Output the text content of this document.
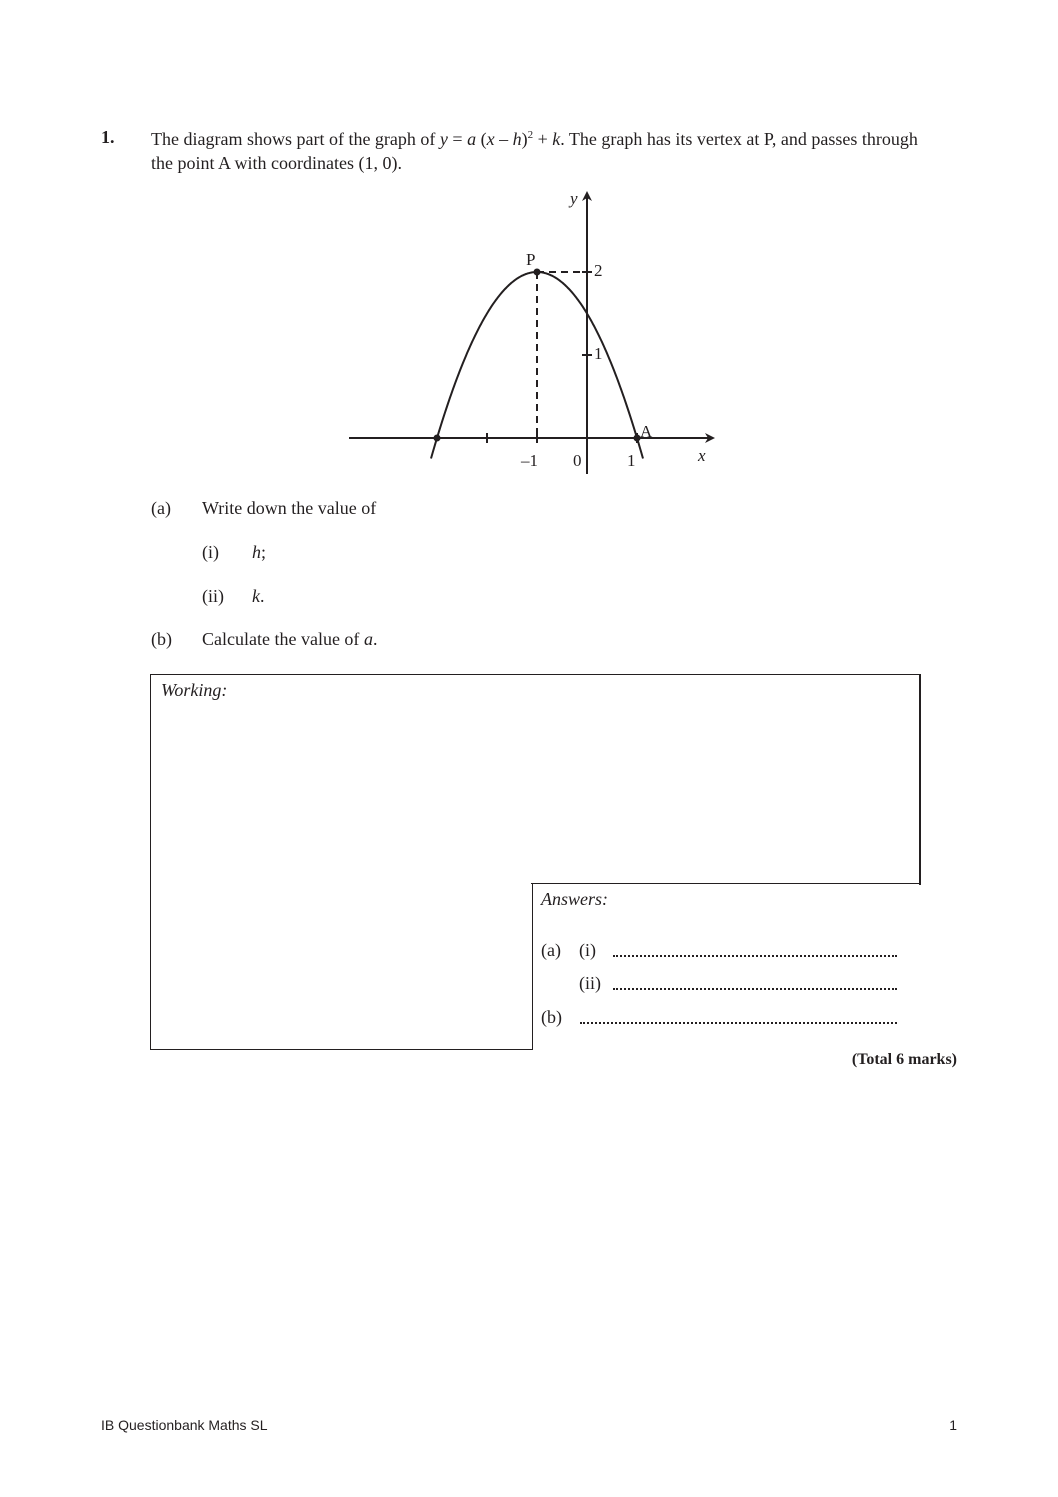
1. The diagram shows part of the graph of y = a (x – h)$^2$ + k. The graph has its vertex at P, and passes through the point A with coordinates (1, 0).
x
y
–1 0	1
1
2
P
A
(a) Write down the value of
(i) h;
(ii) k.
(b) Calculate the value of a.
Working:
Answers:
(a) (i)
(ii)
(b)
(Total 6 marks)
IB Questionbank Maths SL	1
